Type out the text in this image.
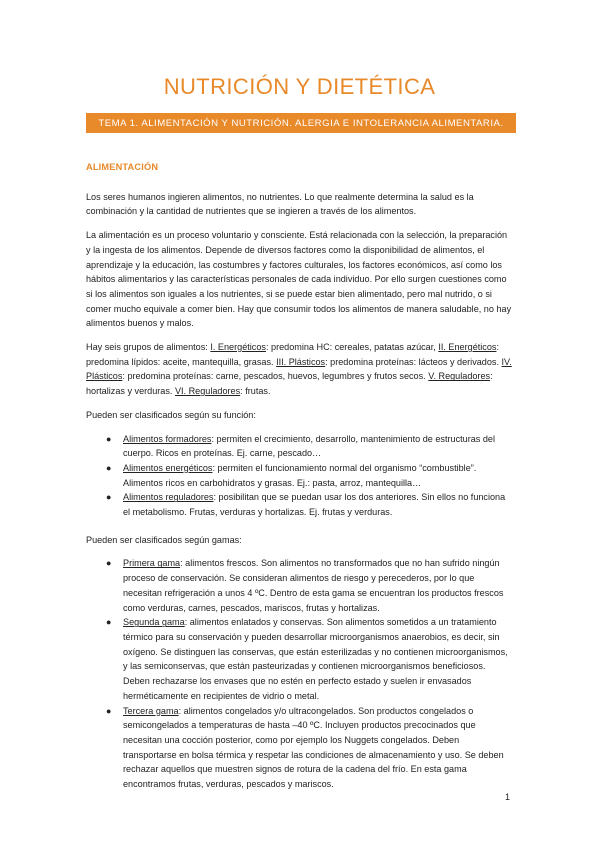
NUTRICIÓN Y DIETÉTICA
TEMA 1. ALIMENTACIÓN Y NUTRICIÓN. ALERGIA E INTOLERANCIA ALIMENTARIA.
ALIMENTACIÓN

Los seres humanos ingieren alimentos, no nutrientes. Lo que realmente determina la salud es la combinación y la cantidad de nutrientes que se ingieren a través de los alimentos.

La alimentación es un proceso voluntario y consciente. Está relacionada con la selección, la preparación y la ingesta de los alimentos. Depende de diversos factores como la disponibilidad de alimentos, el aprendizaje y la educación, las costumbres y factores culturales, los factores económicos, así como los hábitos alimentarios y las características personales de cada individuo. Por ello surgen cuestiones como si los alimentos son iguales a los nutrientes, si se puede estar bien alimentado, pero mal nutrido, o si comer mucho equivale a comer bien. Hay que consumir todos los alimentos de manera saludable, no hay alimentos buenos y malos.

Hay seis grupos de alimentos: I. Energéticos: predomina HC: cereales, patatas azúcar, II. Energéticos: predomina lípidos: aceite, mantequilla, grasas. III. Plásticos: predomina proteínas: lácteos y derivados. IV. Plásticos: predomina proteínas: carne, pescados, huevos, legumbres y frutos secos. V. Reguladores: hortalizas y verduras. VI. Reguladores: frutas.

Pueden ser clasificados según su función:

● Alimentos formadores: permiten el crecimiento, desarrollo, mantenimiento de estructuras del cuerpo. Ricos en proteínas. Ej. carne, pescado…
● Alimentos energéticos: permiten el funcionamiento normal del organismo “combustible”. Alimentos ricos en carbohidratos y grasas. Ej.: pasta, arroz, mantequilla…
● Alimentos reguladores: posibilitan que se puedan usar los dos anteriores. Sin ellos no funciona el metabolismo. Frutas, verduras y hortalizas. Ej. frutas y verduras.

Pueden ser clasificados según gamas:

● Primera gama: alimentos frescos. Son alimentos no transformados que no han sufrido ningún proceso de conservación. Se consideran alimentos de riesgo y perecederos, por lo que necesitan refrigeración a unos 4 ºC. Dentro de esta gama se encuentran los productos frescos como verduras, carnes, pescados, mariscos, frutas y hortalizas.
● Segunda gama: alimentos enlatados y conservas. Son alimentos sometidos a un tratamiento térmico para su conservación y pueden desarrollar microorganismos anaerobios, es decir, sin oxígeno. Se distinguen las conservas, que están esterilizadas y no contienen microorganismos, y las semiconservas, que están pasteurizadas y contienen microorganismos beneficiosos. Deben rechazarse los envases que no estén en perfecto estado y suelen ir envasados herméticamente en recipientes de vidrio o metal.
● Tercera gama: alimentos congelados y/o ultracongelados. Son productos congelados o semicongelados a temperaturas de hasta –40 ºC. Incluyen productos precocinados que necesitan una cocción posterior, como por ejemplo los Nuggets congelados. Deben transportarse en bolsa térmica y respetar las condiciones de almacenamiento y uso. Se deben rechazar aquellos que muestren signos de rotura de la cadena del frío. En esta gama encontramos frutas, verduras, pescados y mariscos.
1
